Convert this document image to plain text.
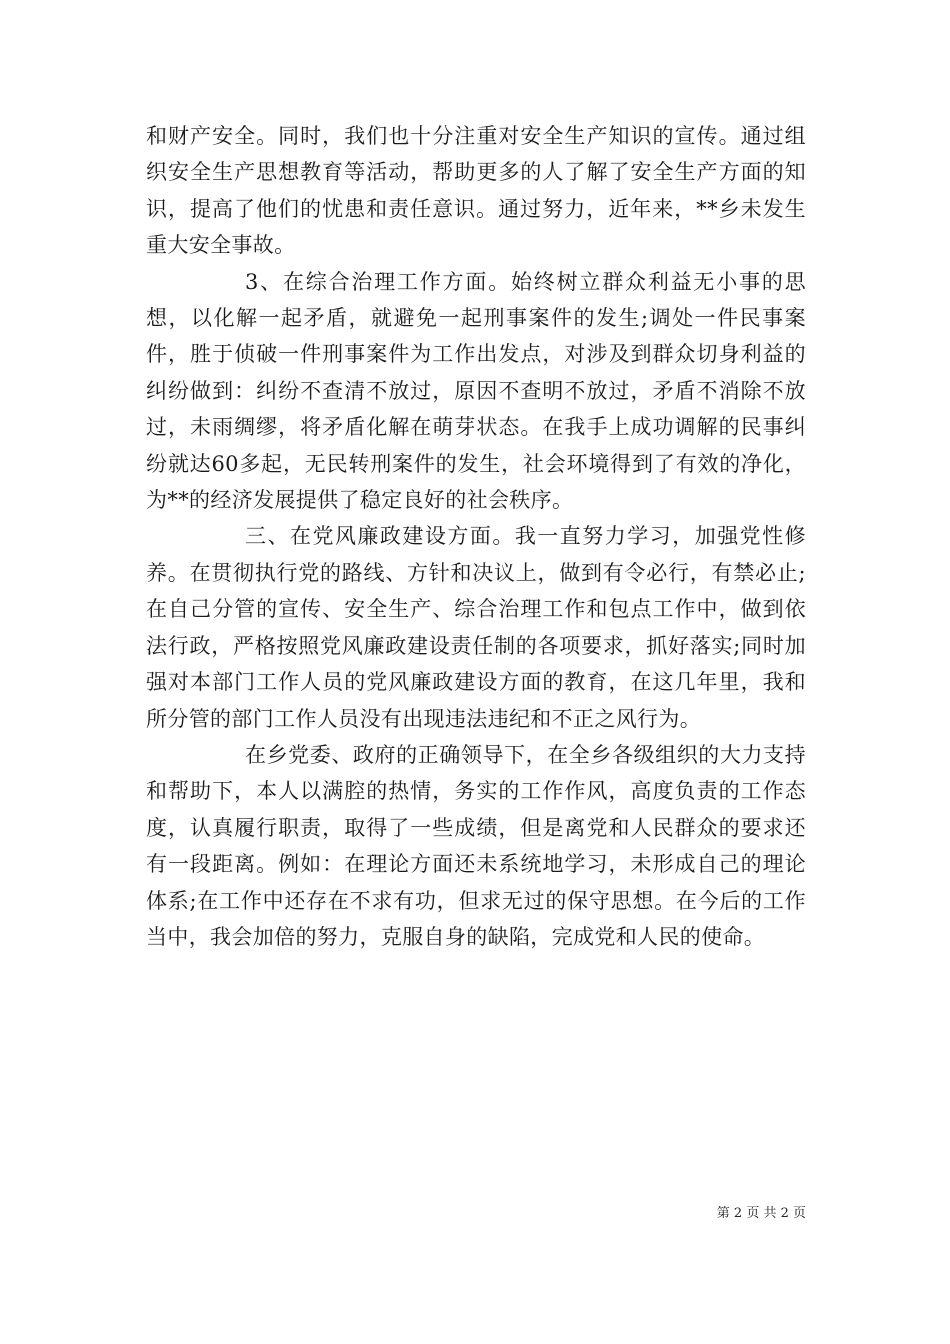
和财产安全。同时，我们也十分注重对安全生产知识的宣传。通过组织安全生产思想教育等活动，帮助更多的人了解了安全生产方面的知识，提高了他们的忧患和责任意识。通过努力，近年来，**乡未发生重大安全事故。

3、在综合治理工作方面。始终树立群众利益无小事的思想，以化解一起矛盾，就避免一起刑事案件的发生;调处一件民事案件，胜于侦破一件刑事案件为工作出发点，对涉及到群众切身利益的纠纷做到：纠纷不查清不放过，原因不查明不放过，矛盾不消除不放过，未雨绸缪，将矛盾化解在萌芽状态。在我手上成功调解的民事纠纷就达60多起，无民转刑案件的发生，社会环境得到了有效的净化，为**的经济发展提供了稳定良好的社会秩序。

三、在党风廉政建设方面。我一直努力学习，加强党性修养。在贯彻执行党的路线、方针和决议上，做到有令必行，有禁必止;在自己分管的宣传、安全生产、综合治理工作和包点工作中，做到依法行政，严格按照党风廉政建设责任制的各项要求，抓好落实;同时加强对本部门工作人员的党风廉政建设方面的教育，在这几年里，我和所分管的部门工作人员没有出现违法违纪和不正之风行为。

在乡党委、政府的正确领导下，在全乡各级组织的大力支持和帮助下，本人以满腔的热情，务实的工作作风，高度负责的工作态度，认真履行职责，取得了一些成绩，但是离党和人民群众的要求还有一段距离。例如：在理论方面还未系统地学习，未形成自己的理论体系;在工作中还存在不求有功，但求无过的保守思想。在今后的工作当中，我会加倍的努力，克服自身的缺陷，完成党和人民的使命。

第 2 页 共 2 页
